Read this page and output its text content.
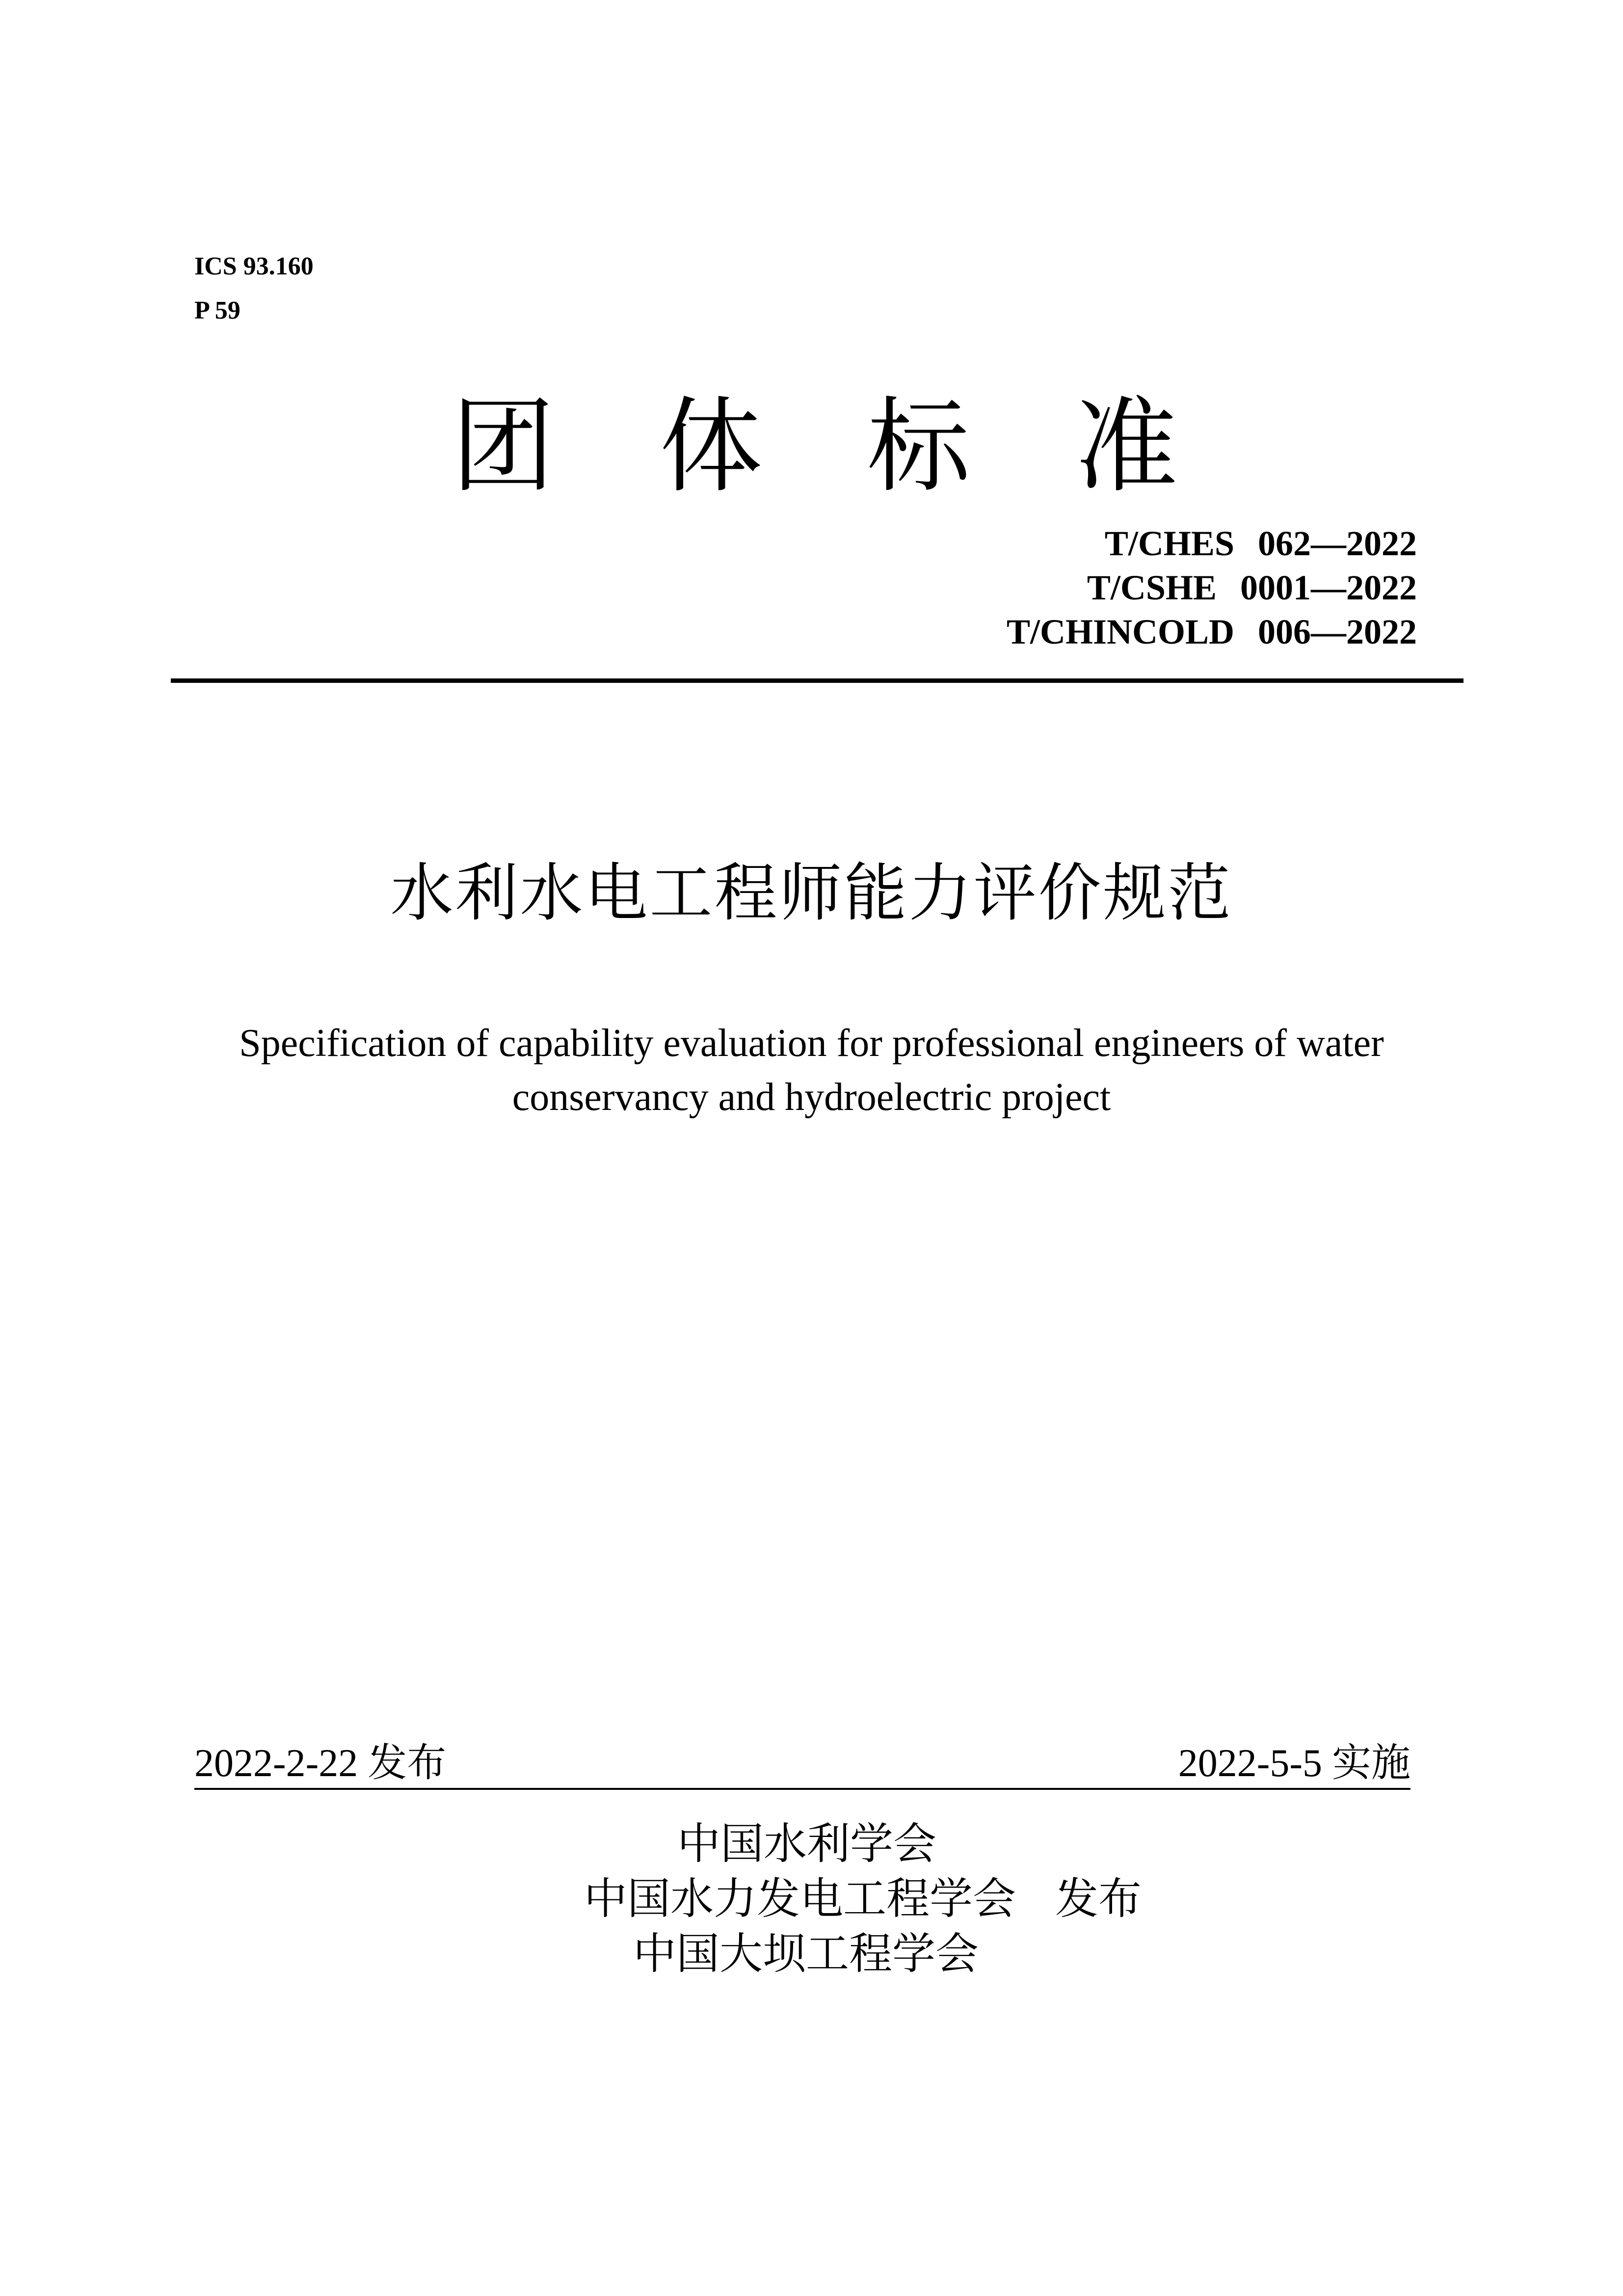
ICS 93.160
P 59
团 体 标 准
T/CHES 062—2022
T/CSHE 0001—2022
T/CHINCOLD 006—2022
水利水电工程师能力评价规范
Specification of capability evaluation for professional engineers of water
conservancy and hydroelectric project
2022-2-22 发布	2022-5-5 实施
中国水利学会
中国水力发电工程学会 发布
中国大坝工程学会
